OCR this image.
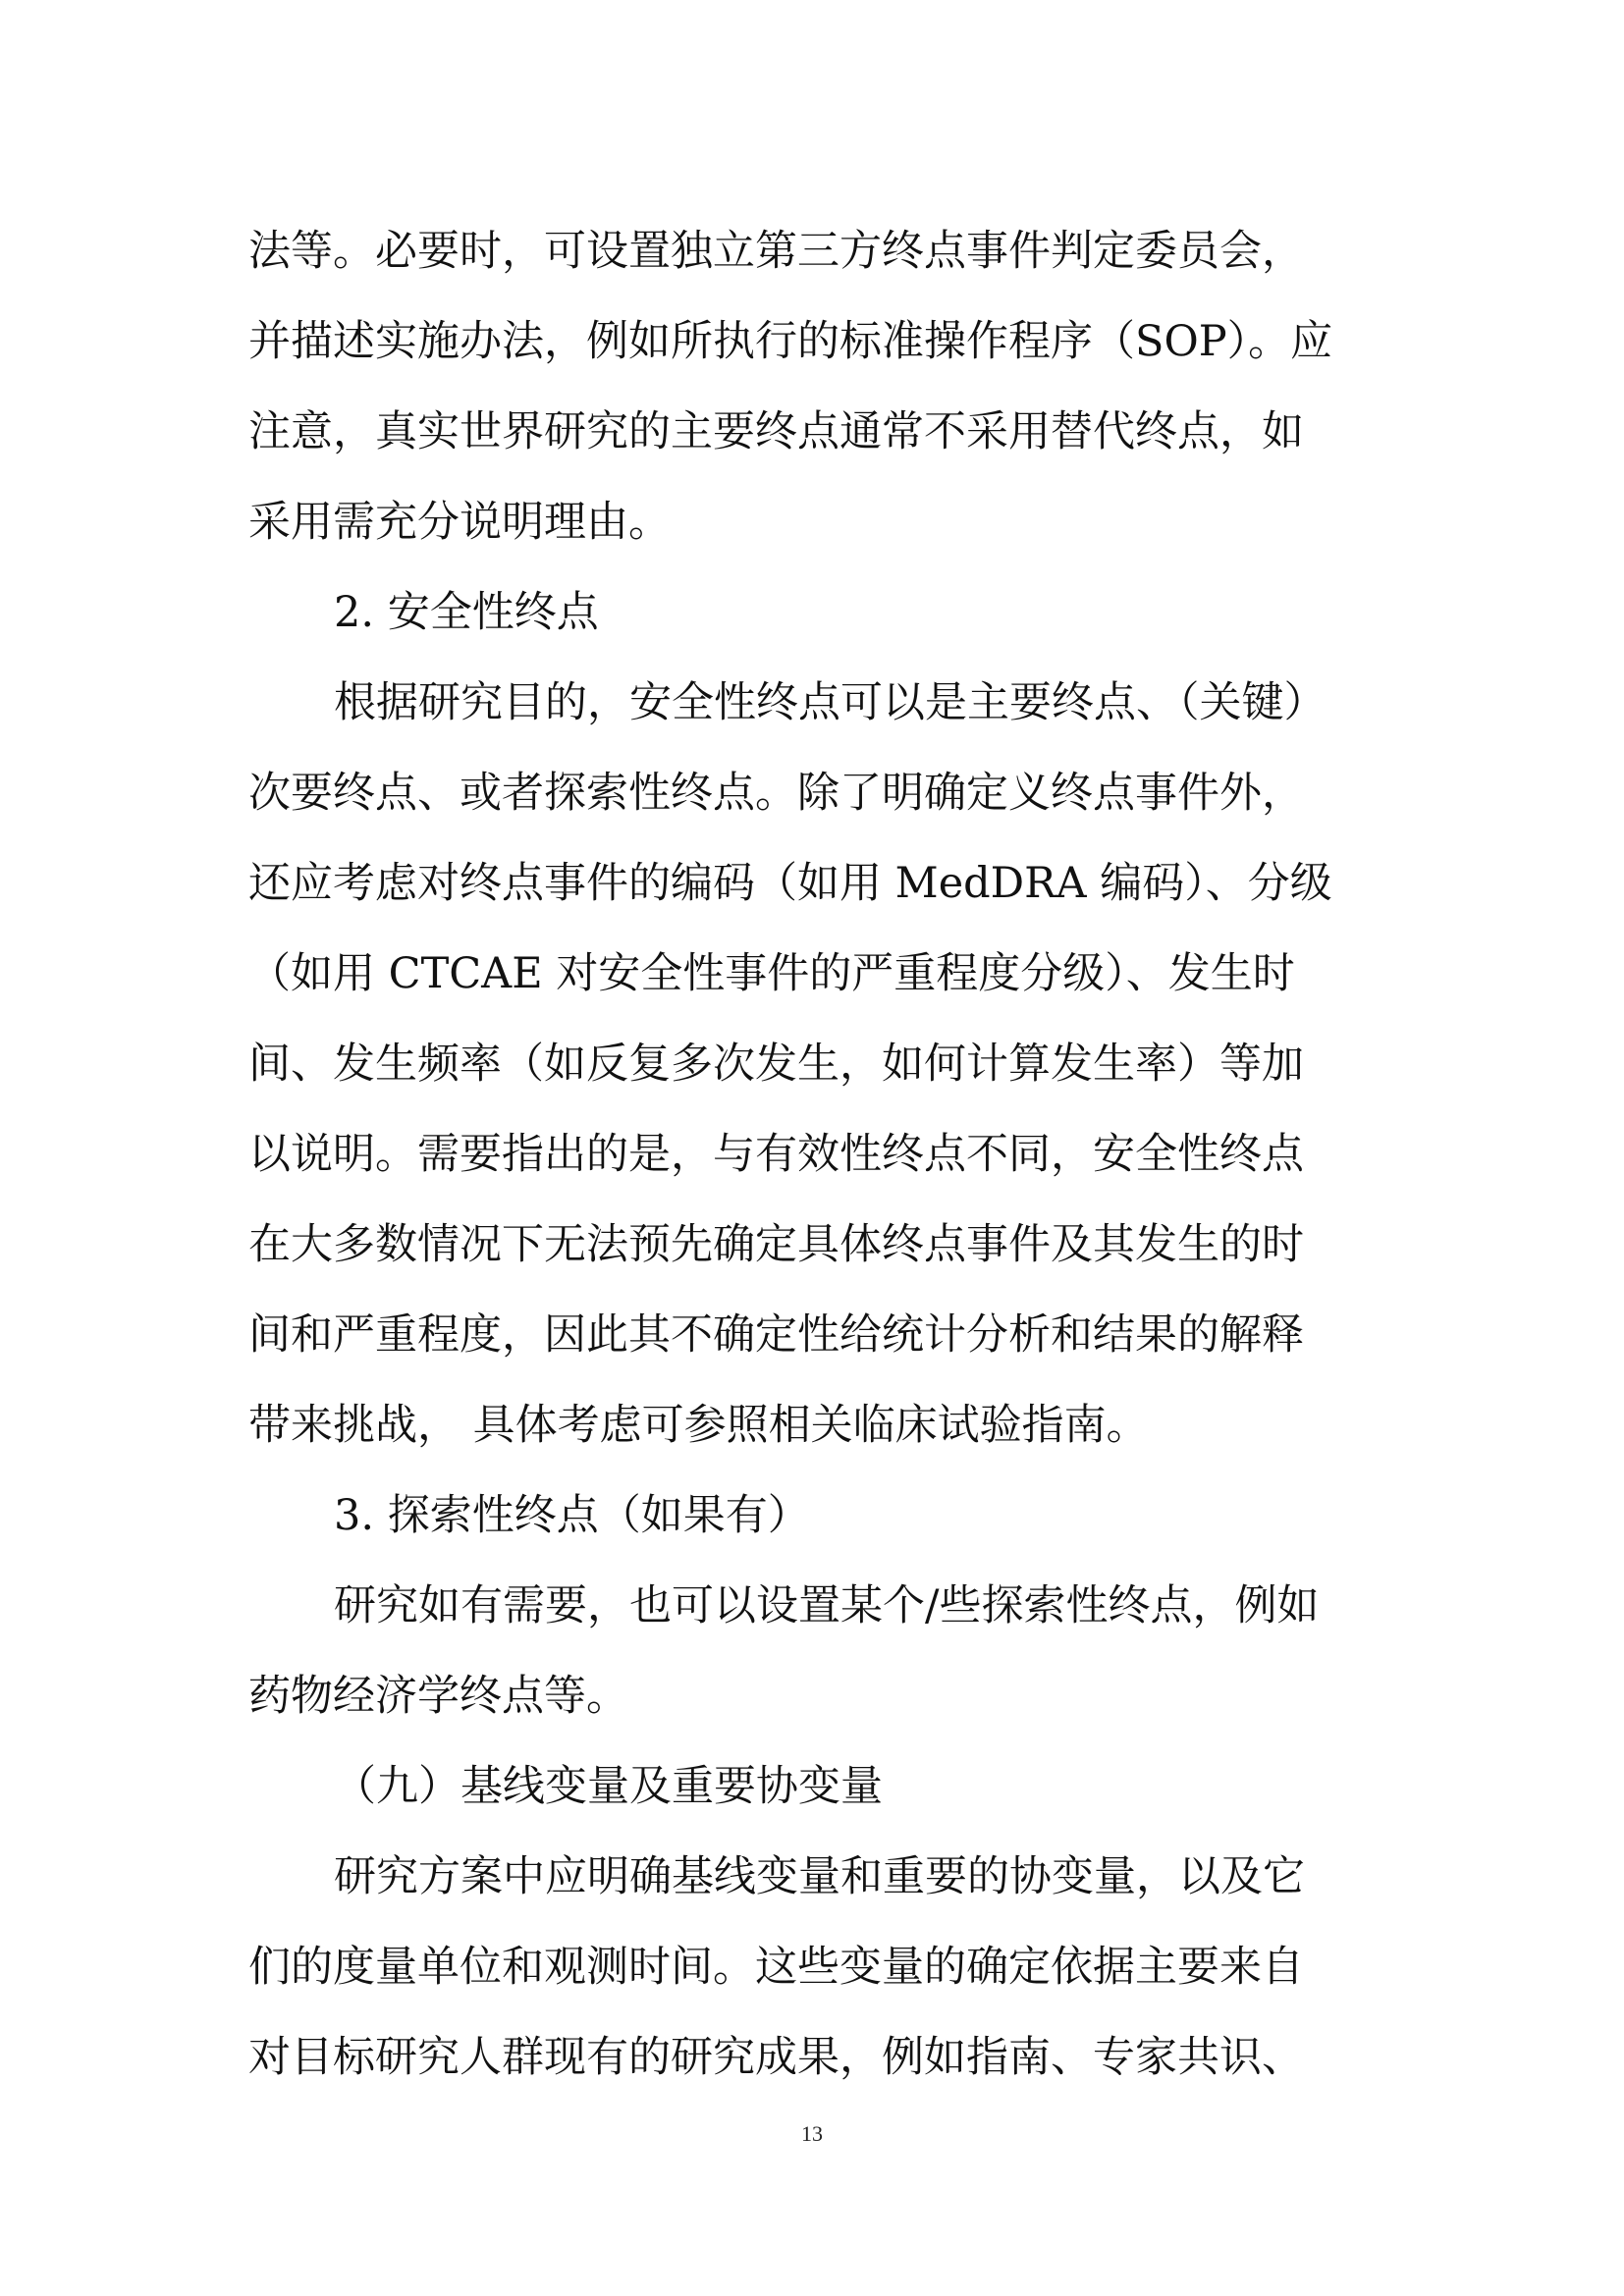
法等。必要时，可设置独立第三方终点事件判定委员会，

并描述实施办法，例如所执行的标准操作程序（SOP）。应

注意，真实世界研究的主要终点通常不采用替代终点，如

采用需充分说明理由。

2. 安全性终点

根据研究目的，安全性终点可以是主要终点、（关键）

次要终点、或者探索性终点。除了明确定义终点事件外，

还应考虑对终点事件的编码（如用 MedDRA 编码）、分级

（如用 CTCAE 对安全性事件的严重程度分级）、发生时

间、发生频率（如反复多次发生，如何计算发生率）等加

以说明。需要指出的是，与有效性终点不同，安全性终点

在大多数情况下无法预先确定具体终点事件及其发生的时

间和严重程度，因此其不确定性给统计分析和结果的解释

带来挑战， 具体考虑可参照相关临床试验指南。

3. 探索性终点（如果有）

研究如有需要，也可以设置某个/些探索性终点，例如

药物经济学终点等。

（九）基线变量及重要协变量

研究方案中应明确基线变量和重要的协变量，以及它

们的度量单位和观测时间。这些变量的确定依据主要来自

对目标研究人群现有的研究成果，例如指南、专家共识、

13
